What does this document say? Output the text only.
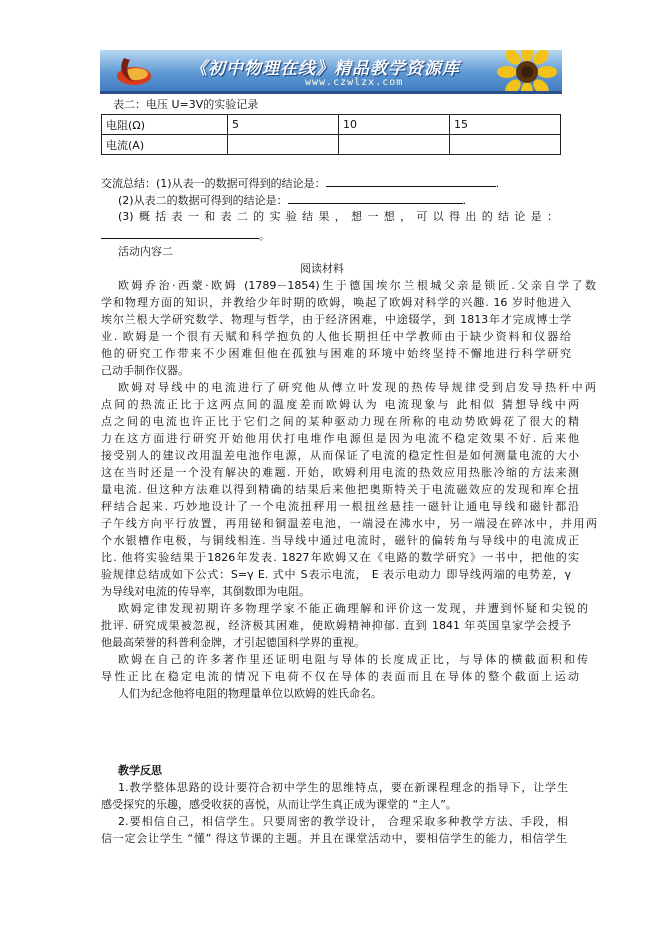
《初中物理在线》精品教学资源库
www.czwlzx.com
表二：电压 U=3V的实验记录
电阻(Ω)	5	10	15
电流(A)			
交流总结：(1)从表一的数据可得到的结论是：	.
(2)从表二的数据可得到的结论是：	.
(3)概括表一和表二的实验结果，想一想，可以得出的结论是：
。
活动内容二
阅读材料
欧姆乔治·西蒙·欧姆 (1789－1854)生于德国埃尔兰根城父亲是锁匠.父亲自学了数
学和物理方面的知识，并教给少年时期的欧姆，唤起了欧姆对科学的兴趣. 16 岁时他进入
埃尔兰根大学研究数学、物理与哲学，由于经济困难，中途辍学，到 1813年才完成博士学
业. 欧姆是一个很有天赋和科学抱负的人他长期担任中学教师由于缺少资料和仪器给
他的研究工作带来不少困难但他在孤独与困难的环境中始终坚持不懈地进行科学研究
己动手制作仪器。
欧姆对导线中的电流进行了研究他从傅立叶发现的热传导规律受到启发导热杆中两
点间的热流正比于这两点间的温度差而欧姆认为 电流现象与 此相似 猜想导线中两
点之间的电流也许正比于它们之间的某种驱动力现在所称的电动势欧姆花了很大的精
力在这方面进行研究开始他用伏打电堆作电源但是因为电流不稳定效果不好. 后来他
接受别人的建议改用温差电池作电源，从而保证了电流的稳定性但是如何测量电流的大小
这在当时还是一个没有解决的难题. 开始，欧姆利用电流的热效应用热胀冷缩的方法来测
量电流. 但这种方法难以得到精确的结果后来他把奥斯特关于电流磁效应的发现和库仑扭
秤结合起来. 巧妙地设计了一个电流扭秤用一根扭丝悬挂一磁针让通电导线和磁针都沿
子午线方向平行放置，再用铋和铜温差电池，一端浸在沸水中，另一端浸在碎冰中，并用两
个水银槽作电极，与铜线相连. 当导线中通过电流时，磁针的偏转角与导线中的电流成正
比. 他将实验结果于1826年发表. 1827年欧姆又在《电路的数学研究》一书中，把他的实
验规律总结成如下公式：S=γ E. 式中 S表示电流， E 表示电动力 即导线两端的电势差，γ
为导线对电流的传导率，其倒数即为电阻。
欧姆定律发现初期许多物理学家不能正确理解和评价这一发现，并遭到怀疑和尖锐的
批评. 研究成果被忽视，经济极其困难，使欧姆精神抑郁. 直到 1841 年英国皇家学会授予
他最高荣誉的科普利金牌，才引起德国科学界的重视。
欧姆在自己的许多著作里还证明电阻与导体的长度成正比，与导体的横截面积和传
导性正比在稳定电流的情况下电荷不仅在导体的表面而且在导体的整个截面上运动
人们为纪念他将电阻的物理量单位以欧姆的姓氏命名。
教学反思
1.教学整体思路的设计要符合初中学生的思维特点，要在新课程理念的指导下，让学生
感受探究的乐趣，感受收获的喜悦，从而让学生真正成为课堂的 “主人”。
2.要相信自己，相信学生。只要周密的教学设计， 合理采取多种教学方法、手段，相
信一定会让学生 “懂” 得这节课的主题。并且在课堂活动中，要相信学生的能力，相信学生
